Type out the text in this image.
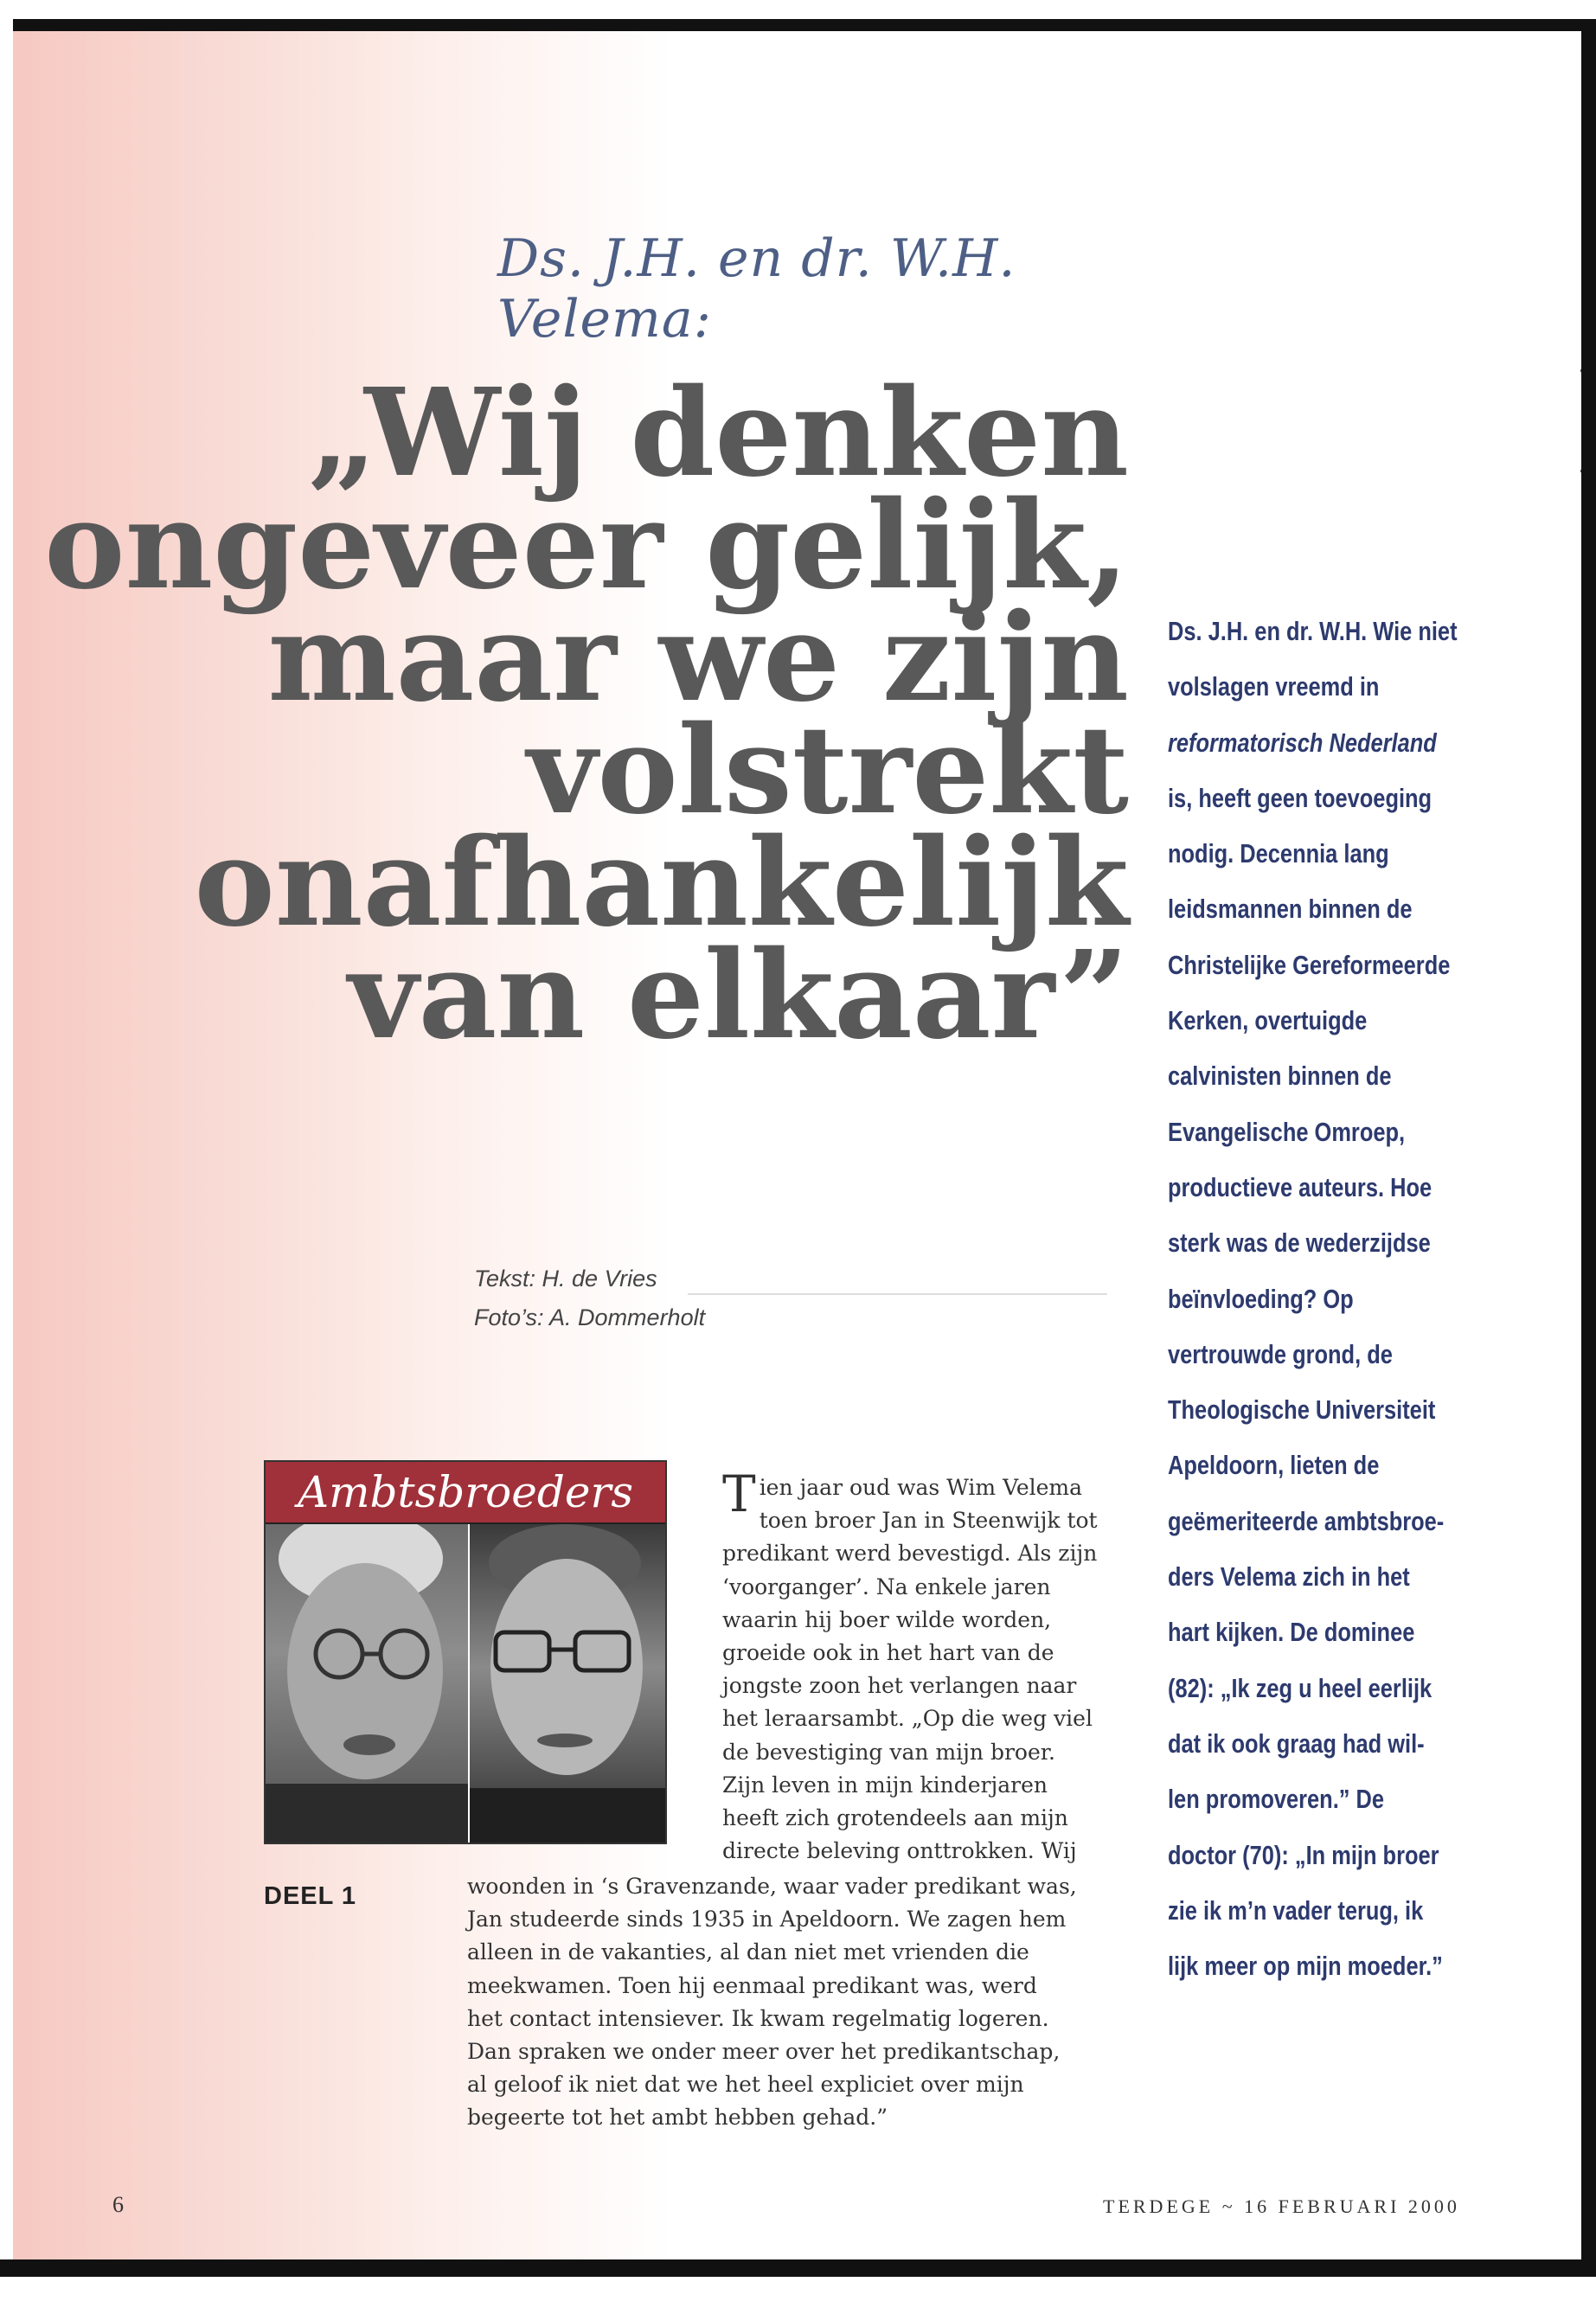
Ds. J.H. en dr. W.H. Velema:
„Wij denken
ongeveer gelijk,
maar we zijn
volstrekt
onafhankelijk
van elkaar”
Tekst: H. de Vries
Foto’s: A. Dommerholt
Ambtsbroeders
DEEL 1
Tien jaar oud was Wim Velema
toen broer Jan in Steenwijk tot
predikant werd bevestigd. Als zijn
‘voorganger’. Na enkele jaren
waarin hij boer wilde worden,
groeide ook in het hart van de
jongste zoon het verlangen naar
het leraarsambt. „Op die weg viel
de bevestiging van mijn broer.
Zijn leven in mijn kinderjaren
heeft zich grotendeels aan mijn
directe beleving onttrokken. Wij
woonden in ‘s Gravenzande, waar vader predikant was,
Jan studeerde sinds 1935 in Apeldoorn. We zagen hem
alleen in de vakanties, al dan niet met vrienden die
meekwamen. Toen hij eenmaal predikant was, werd
het contact intensiever. Ik kwam regelmatig logeren.
Dan spraken we onder meer over het predikantschap,
al geloof ik niet dat we het heel expliciet over mijn
begeerte tot het ambt hebben gehad.”
Ds. J.H. en dr. W.H. Wie niet
volslagen vreemd in
reformatorisch Nederland
is, heeft geen toevoeging
nodig. Decennia lang
leidsmannen binnen de
Christelijke Gereformeerde
Kerken, overtuigde
calvinisten binnen de
Evangelische Omroep,
productieve auteurs. Hoe
sterk was de wederzijdse
beïnvloeding? Op
vertrouwde grond, de
Theologische Universiteit
Apeldoorn, lieten de
geëmeriteerde ambtsbroe-
ders Velema zich in het
hart kijken. De dominee
(82): „Ik zeg u heel eerlijk
dat ik ook graag had wil-
len promoveren.” De
doctor (70): „In mijn broer
zie ik m’n vader terug, ik
lijk meer op mijn moeder.”
6	TERDEGE ~ 16 FEBRUARI 2000
